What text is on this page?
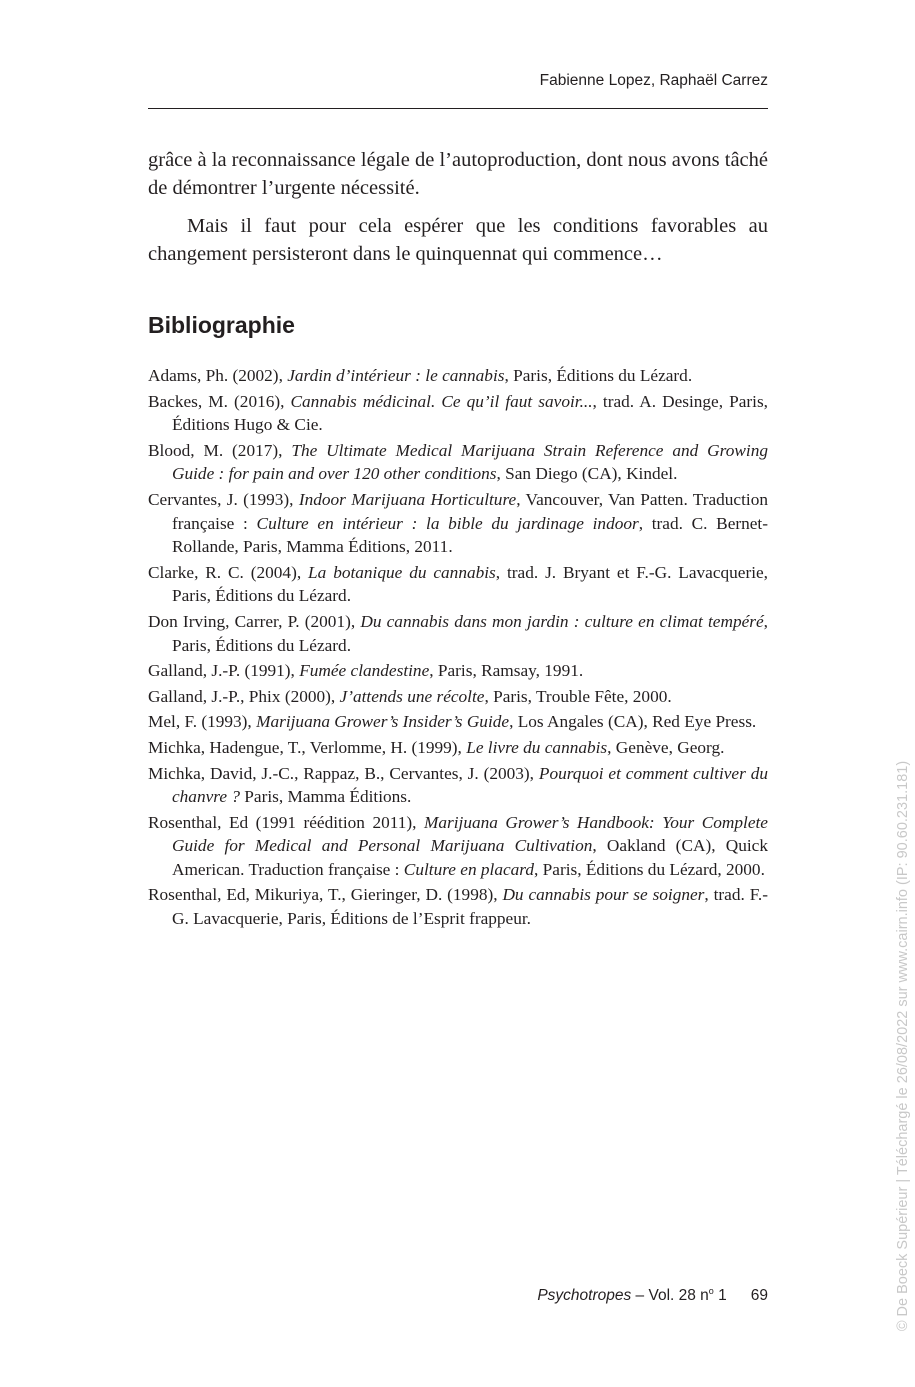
Fabienne Lopez, Raphaël Carrez

grâce à la reconnaissance légale de l’autoproduction, dont nous avons tâché de démontrer l’urgente nécessité.

Mais il faut pour cela espérer que les conditions favorables au changement persisteront dans le quinquennat qui commence…

Bibliographie

Adams, Ph. (2002), Jardin d’intérieur : le cannabis, Paris, Éditions du Lézard.

Backes, M. (2016), Cannabis médicinal. Ce qu’il faut savoir..., trad. A. Desinge, Paris, Éditions Hugo & Cie.

Blood, M. (2017), The Ultimate Medical Marijuana Strain Reference and Growing Guide : for pain and over 120 other conditions, San Diego (CA), Kindel.

Cervantes, J. (1993), Indoor Marijuana Horticulture, Vancouver, Van Patten. Traduction française : Culture en intérieur : la bible du jardinage indoor, trad. C. Bernet-Rollande, Paris, Mamma Éditions, 2011.

Clarke, R. C. (2004), La botanique du cannabis, trad. J. Bryant et F.-G. Lavacquerie, Paris, Éditions du Lézard.

Don Irving, Carrer, P. (2001), Du cannabis dans mon jardin : culture en climat tempéré, Paris, Éditions du Lézard.

Galland, J.-P. (1991), Fumée clandestine, Paris, Ramsay, 1991.

Galland, J.-P., Phix (2000), J’attends une récolte, Paris, Trouble Fête, 2000.

Mel, F. (1993), Marijuana Grower’s Insider’s Guide, Los Angales (CA), Red Eye Press.

Michka, Hadengue, T., Verlomme, H. (1999), Le livre du cannabis, Genève, Georg.

Michka, David, J.-C., Rappaz, B., Cervantes, J. (2003), Pourquoi et comment cultiver du chanvre ? Paris, Mamma Éditions.

Rosenthal, Ed (1991 réédition 2011), Marijuana Grower’s Handbook: Your Complete Guide for Medical and Personal Marijuana Cultivation, Oakland (CA), Quick American. Traduction française : Culture en placard, Paris, Éditions du Lézard, 2000.

Rosenthal, Ed, Mikuriya, T., Gieringer, D. (1998), Du cannabis pour se soigner, trad. F.-G. Lavacquerie, Paris, Éditions de l’Esprit frappeur.

Psychotropes – Vol. 28 $n^o$ 1 69	© De Boeck Supérieur | Téléchargé le 26/08/2022 sur www.cairn.info (IP: 90.60.231.181)
